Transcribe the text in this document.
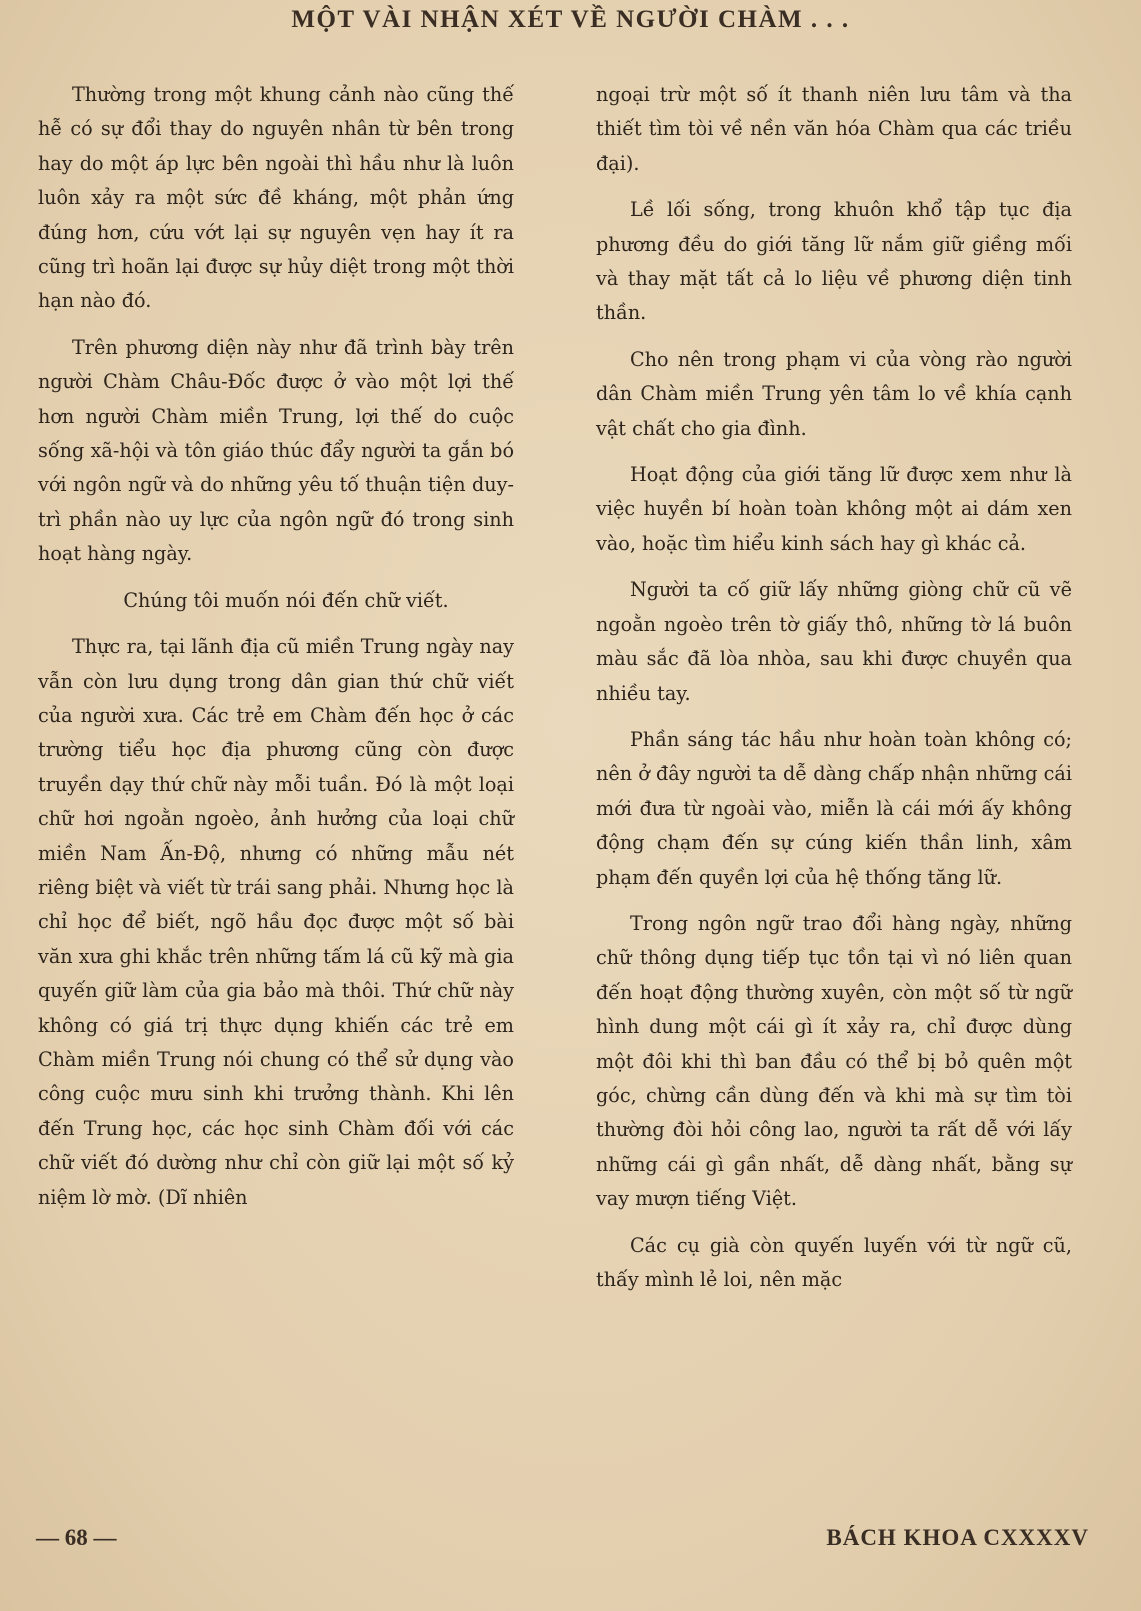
MỘT VÀI NHẬN XÉT VỀ NGƯỜI CHÀM . . .

Thường trong một khung cảnh nào cũng thế hễ có sự đổi thay do nguyên nhân từ bên trong hay do một áp lực bên ngoài thì hầu như là luôn luôn xảy ra một sức đề kháng, một phản ứng đúng hơn, cứu vớt lại sự nguyên vẹn hay ít ra cũng trì hoãn lại được sự hủy diệt trong một thời hạn nào đó.

Trên phương diện này như đã trình bày trên người Chàm Châu-Đốc được ở vào một lợi thế hơn người Chàm miền Trung, lợi thế do cuộc sống xã-hội và tôn giáo thúc đẩy người ta gắn bó với ngôn ngữ và do những yêu tố thuận tiện duy-trì phần nào uy lực của ngôn ngữ đó trong sinh hoạt hàng ngày.

Chúng tôi muốn nói đến chữ viết.

Thực ra, tại lãnh địa cũ miền Trung ngày nay vẫn còn lưu dụng trong dân gian thứ chữ viết của người xưa. Các trẻ em Chàm đến học ở các trường tiểu học địa phương cũng còn được truyền dạy thứ chữ này mỗi tuần. Đó là một loại chữ hơi ngoằn ngoèo, ảnh hưởng của loại chữ miền Nam Ấn-Độ, nhưng có những mẫu nét riêng biệt và viết từ trái sang phải. Nhưng học là chỉ học để biết, ngõ hầu đọc được một số bài văn xưa ghi khắc trên những tấm lá cũ kỹ mà gia quyến giữ làm của gia bảo mà thôi. Thứ chữ này không có giá trị thực dụng khiến các trẻ em Chàm miền Trung nói chung có thể sử dụng vào công cuộc mưu sinh khi trưởng thành. Khi lên đến Trung học, các học sinh Chàm đối với các chữ viết đó dường như chỉ còn giữ lại một số kỷ niệm lờ mờ. (Dĩ nhiên

ngoại trừ một số ít thanh niên lưu tâm và tha thiết tìm tòi về nền văn hóa Chàm qua các triều đại).

Lề lối sống, trong khuôn khổ tập tục địa phương đều do giới tăng lữ nắm giữ giềng mối và thay mặt tất cả lo liệu về phương diện tinh thần.

Cho nên trong phạm vi của vòng rào người dân Chàm miền Trung yên tâm lo về khía cạnh vật chất cho gia đình.

Hoạt động của giới tăng lữ được xem như là việc huyền bí hoàn toàn không một ai dám xen vào, hoặc tìm hiểu kinh sách hay gì khác cả.

Người ta cố giữ lấy những giòng chữ cũ vẽ ngoằn ngoèo trên tờ giấy thô, những tờ lá buôn màu sắc đã lòa nhòa, sau khi được chuyền qua nhiều tay.

Phần sáng tác hầu như hoàn toàn không có; nên ở đây người ta dễ dàng chấp nhận những cái mới đưa từ ngoài vào, miễn là cái mới ấy không động chạm đến sự cúng kiến thần linh, xâm phạm đến quyền lợi của hệ thống tăng lữ.

Trong ngôn ngữ trao đổi hàng ngày, những chữ thông dụng tiếp tục tồn tại vì nó liên quan đến hoạt động thường xuyên, còn một số từ ngữ hình dung một cái gì ít xảy ra, chỉ được dùng một đôi khi thì ban đầu có thể bị bỏ quên một góc, chừng cần dùng đến và khi mà sự tìm tòi thường đòi hỏi công lao, người ta rất dễ với lấy những cái gì gần nhất, dễ dàng nhất, bằng sự vay mượn tiếng Việt.

Các cụ già còn quyến luyến với từ ngữ cũ, thấy mình lẻ loi, nên mặc

— 68 —	BÁCH KHOA CXXXXV
